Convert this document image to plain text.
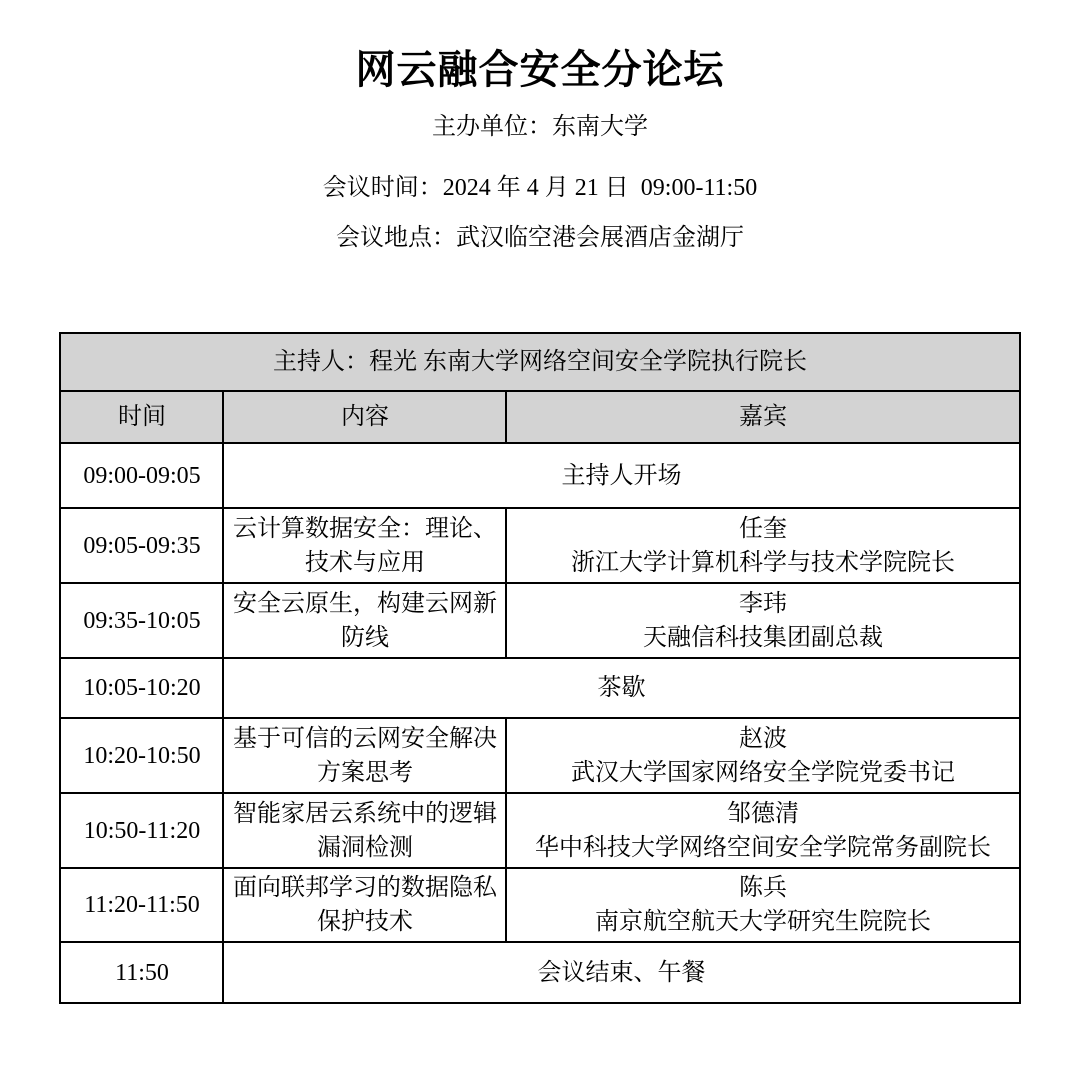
网云融合安全分论坛
主办单位：东南大学
会议时间：2024 年 4 月 21 日  09:00-11:50
会议地点：武汉临空港会展酒店金湖厅
主持人：程光 东南大学网络空间安全学院执行院长		
时间	内容	嘉宾
09:00-09:05	主持人开场	
09:05-09:35	云计算数据安全：理论、技术与应用	任奎
浙江大学计算机科学与技术学院院长

09:35-10:05	安全云原生，构建云网新防线	李玮
天融信科技集团副总裁

10:05-10:20	茶歇	
10:20-10:50	基于可信的云网安全解决方案思考	赵波
武汉大学国家网络安全学院党委书记

10:50-11:20	智能家居云系统中的逻辑漏洞检测	邹德清
华中科技大学网络空间安全学院常务副院长

11:20-11:50	面向联邦学习的数据隐私保护技术	陈兵
南京航空航天大学研究生院院长

11:50	会议结束、午餐	
